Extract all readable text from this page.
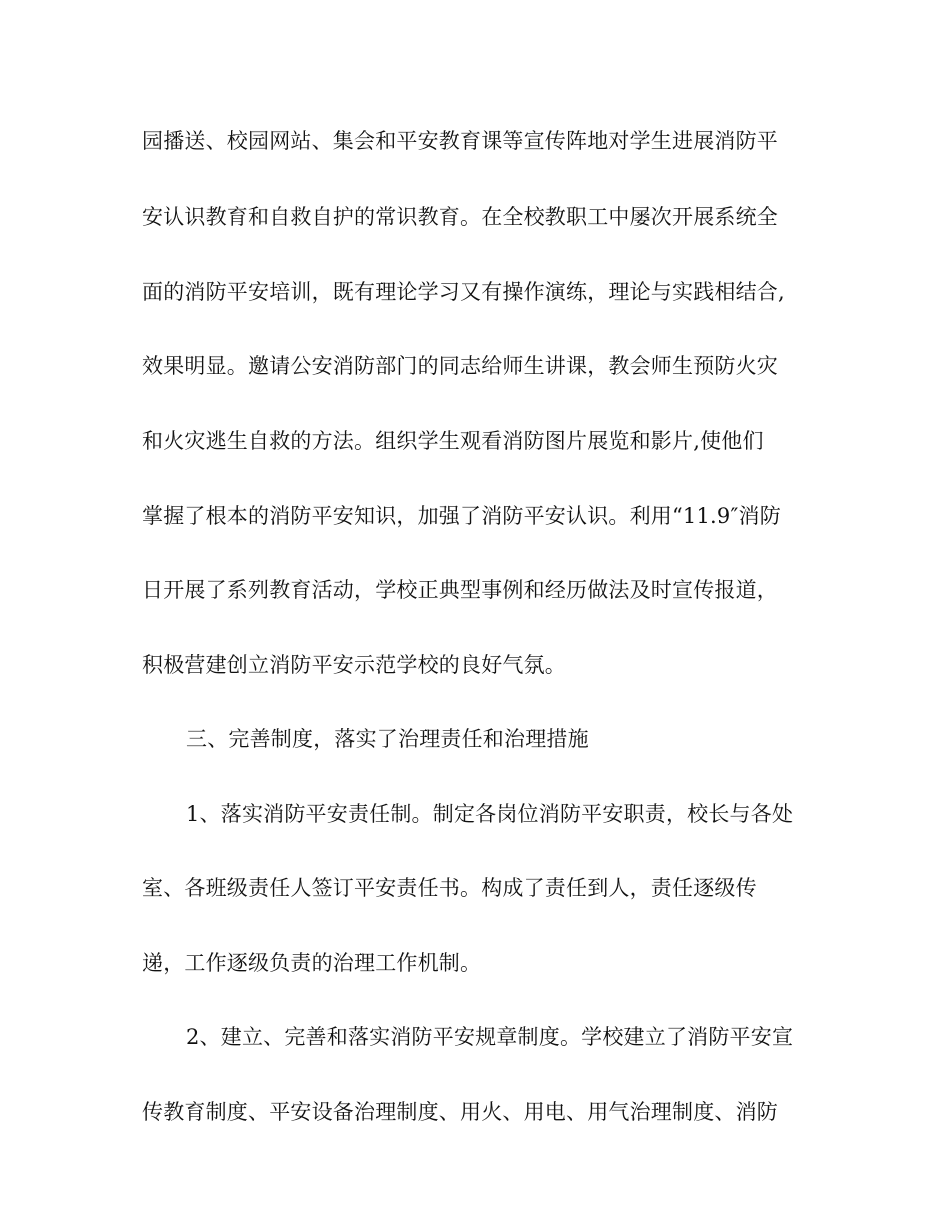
园播送、校园网站、集会和平安教育课等宣传阵地对学生进展消防平
安认识教育和自救自护的常识教育。在全校教职工中屡次开展系统全
面的消防平安培训，既有理论学习又有操作演练，理论与实践相结合,
效果明显。邀请公安消防部门的同志给师生讲课，教会师生预防火灾
和火灾逃生自救的方法。组织学生观看消防图片展览和影片,使他们
掌握了根本的消防平安知识，加强了消防平安认识。利用“11.9″消防
日开展了系列教育活动，学校正典型事例和经历做法及时宣传报道，
积极营建创立消防平安示范学校的良好气氛。
三、完善制度，落实了治理责任和治理措施
1、落实消防平安责任制。制定各岗位消防平安职责，校长与各处
室、各班级责任人签订平安责任书。构成了责任到人，责任逐级传
递，工作逐级负责的治理工作机制。
2、建立、完善和落实消防平安规章制度。学校建立了消防平安宣
传教育制度、平安设备治理制度、用火、用电、用气治理制度、消防
